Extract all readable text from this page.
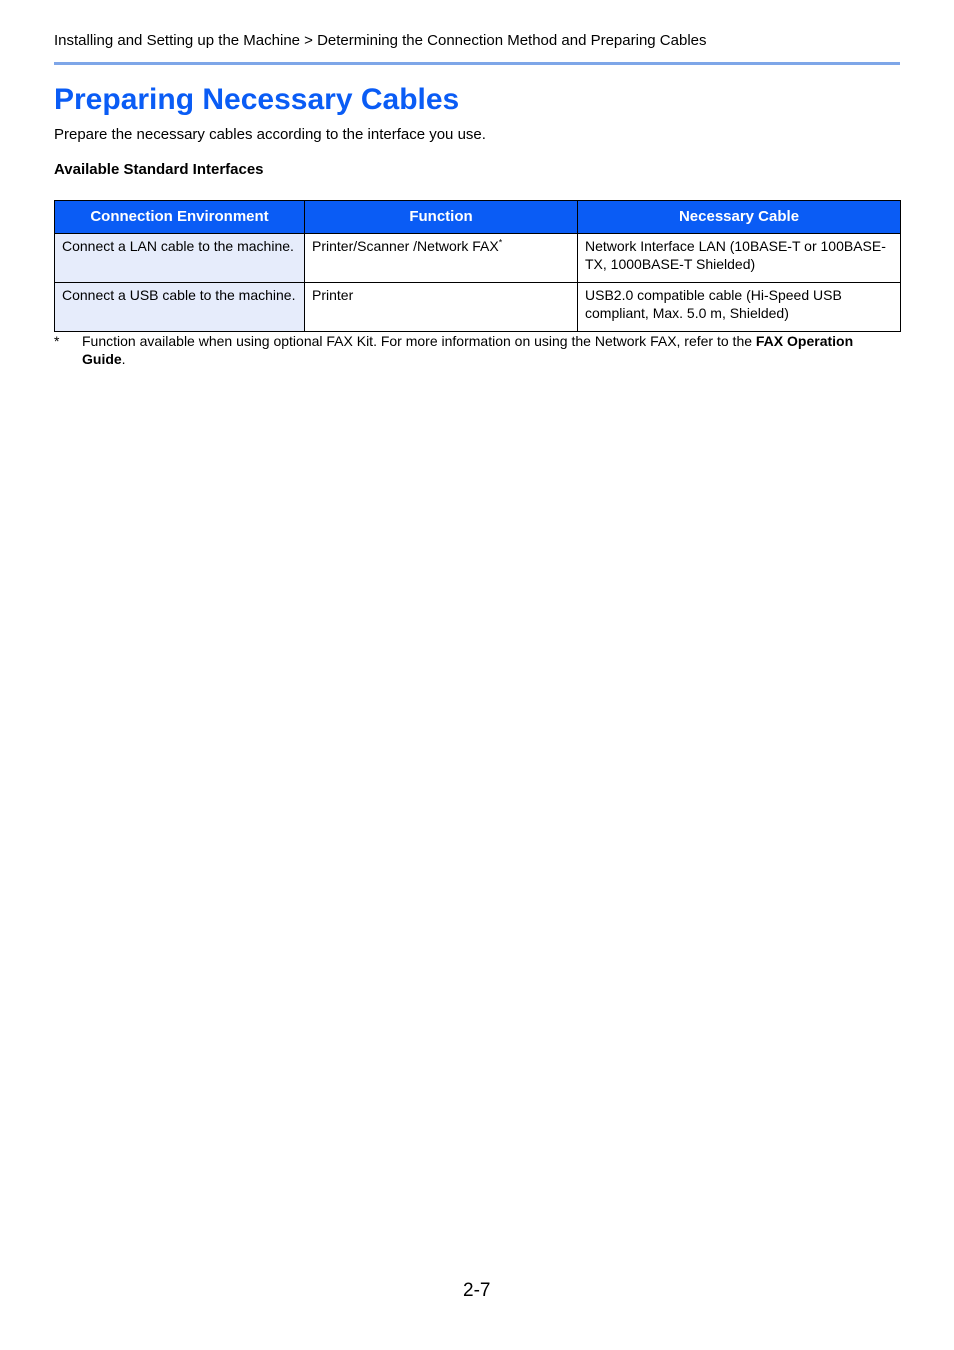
Installing and Setting up the Machine > Determining the Connection Method and Preparing Cables
Preparing Necessary Cables
Prepare the necessary cables according to the interface you use.
Available Standard Interfaces
Connection Environment	Function	Necessary Cable
Connect a LAN cable to the machine.	Printer/Scanner /Network FAX*	Network Interface LAN (10BASE-T or 100BASE-TX, 1000BASE-T Shielded)
Connect a USB cable to the machine.	Printer	USB2.0 compatible cable (Hi-Speed USB compliant, Max. 5.0 m, Shielded)
* Function available when using optional FAX Kit. For more information on using the Network FAX, refer to the FAX Operation Guide.
2-7
